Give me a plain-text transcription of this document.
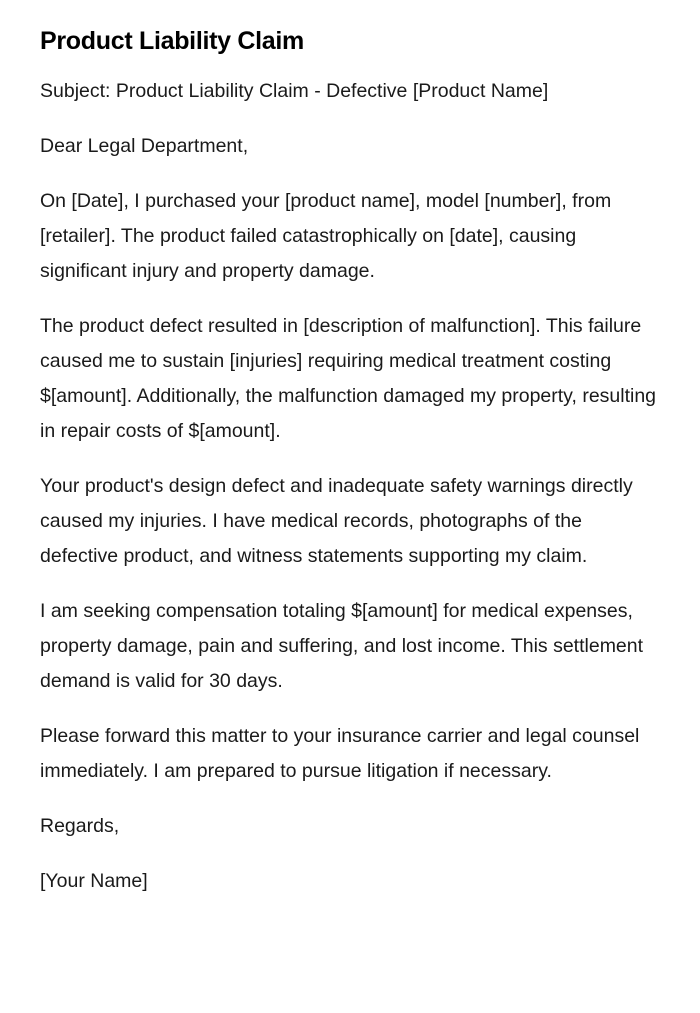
Product Liability Claim

Subject: Product Liability Claim - Defective [Product Name]

Dear Legal Department,

On [Date], I purchased your [product name], model [number], from [retailer]. The product failed catastrophically on [date], causing significant injury and property damage.

The product defect resulted in [description of malfunction]. This failure caused me to sustain [injuries] requiring medical treatment costing $[amount]. Additionally, the malfunction damaged my property, resulting in repair costs of $[amount].

Your product's design defect and inadequate safety warnings directly caused my injuries. I have medical records, photographs of the defective product, and witness statements supporting my claim.

I am seeking compensation totaling $[amount] for medical expenses, property damage, pain and suffering, and lost income. This settlement demand is valid for 30 days.

Please forward this matter to your insurance carrier and legal counsel immediately. I am prepared to pursue litigation if necessary.

Regards,

[Your Name]
